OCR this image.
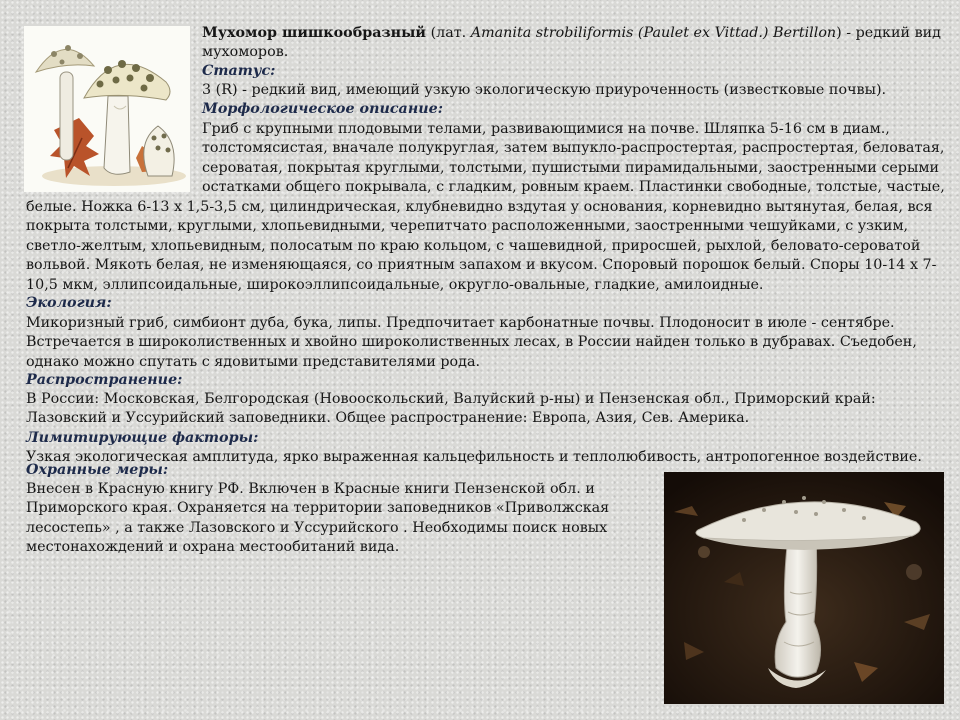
Мухомор шишкообразный (лат. Amanita strobiliformis (Paulet ex Vittad.) Bertillon) - редкий вид мухоморов.

Статус:

3 (R) - редкий вид, имеющий узкую экологическую приуроченность (известковые почвы).

Морфологическое описание:

Гриб с крупными плодовыми телами, развивающимися на почве. Шляпка 5-16 см в диам., толстомясистая, вначале полукруглая, затем выпукло-распростертая, распростертая, беловатая, сероватая, покрытая круглыми, толстыми, пушистыми пирамидальными, заостренными серыми остатками общего покрывала, с гладким, ровным краем. Пластинки свободные, толстые, частые,

белые. Ножка 6-13 х 1,5-3,5 см, цилиндрическая, клубневидно вздутая у основания, корневидно вытянутая, белая, вся покрыта толстыми, круглыми, хлопьевидными, черепитчато расположенными, заостренными чешуйками, с узким, светло-желтым, хлопьевидным, полосатым по краю кольцом, с чашевидной, приросшей, рыхлой, беловато-сероватой вольвой. Мякоть белая, не изменяющаяся, со приятным запахом и вкусом. Споровый порошок белый. Споры 10-14 х 7-10,5 мкм, эллипсоидальные, широкоэллипсоидальные, округло-овальные, гладкие, амилоидные.

Экология:

Микоризный гриб, симбионт дуба, бука, липы. Предпочитает карбонатные почвы. Плодоносит в июле - сентябре. Встречается в широколиственных и хвойно широколиственных лесах, в России найден только в дубравах. Съедобен, однако можно спутать с ядовитыми представителями рода.

Распространение:

В России: Московская, Белгородская (Новооскольский, Валуйский р-ны) и Пензенская обл., Приморский край: Лазовский и Уссурийский заповедники. Общее распространение: Европа, Азия, Сев. Америка.

Лимитирующие факторы:

Узкая экологическая амплитуда, ярко выраженная кальцефильность и теплолюбивость, антропогенное воздействие.

Охранные меры:

Внесен в Красную книгу РФ. Включен в Красные книги Пензенской обл. и Приморского края. Охраняется на территории заповедников «Приволжская лесостепь» , а также Лазовского и Уссурийского . Необходимы поиск новых местонахождений и охрана местообитаний вида.
